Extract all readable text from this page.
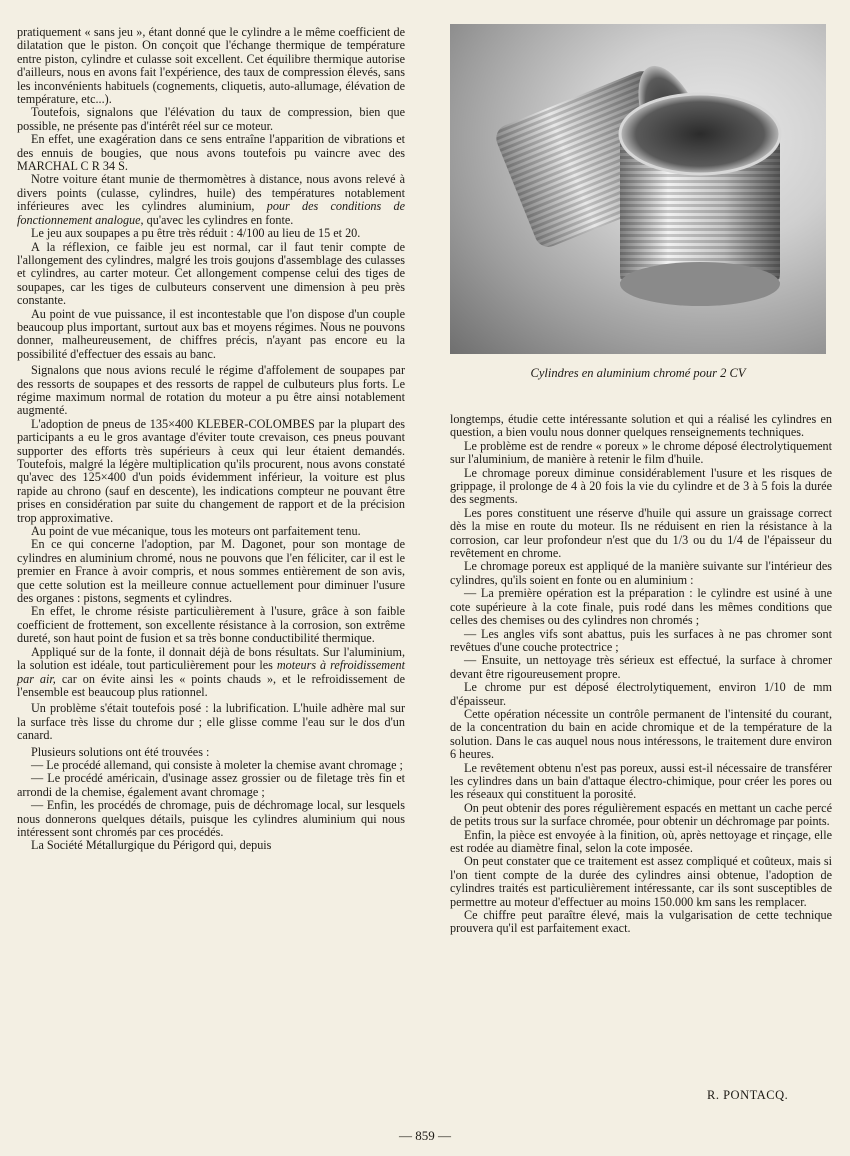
pratiquement « sans jeu », étant donné que le cylindre a le même coefficient de dilatation que le piston. On conçoit que l'échange thermique de température entre piston, cylindre et culasse soit excellent. Cet équilibre thermique autorise d'ailleurs, nous en avons fait l'expérience, des taux de compression élevés, sans les inconvénients habituels (cognements, cliquetis, auto-allumage, élévation de température, etc...).

Toutefois, signalons que l'élévation du taux de compression, bien que possible, ne présente pas d'intérêt réel sur ce moteur.

En effet, une exagération dans ce sens entraîne l'apparition de vibrations et des ennuis de bougies, que nous avons toutefois pu vaincre avec des MARCHAL C R 34 S.

Notre voiture étant munie de thermomètres à distance, nous avons relevé à divers points (culasse, cylindres, huile) des températures notablement inférieures avec les cylindres aluminium, pour des conditions de fonctionnement analogue, qu'avec les cylindres en fonte.

Le jeu aux soupapes a pu être très réduit : 4/100 au lieu de 15 et 20.

A la réflexion, ce faible jeu est normal, car il faut tenir compte de l'allongement des cylindres, malgré les trois goujons d'assemblage des culasses et cylindres, au carter moteur. Cet allongement compense celui des tiges de soupapes, car les tiges de culbuteurs conservent une dimension à peu près constante.

Au point de vue puissance, il est incontestable que l'on dispose d'un couple beaucoup plus important, surtout aux bas et moyens régimes. Nous ne pouvons donner, malheureusement, de chiffres précis, n'ayant pas encore eu la possibilité d'effectuer des essais au banc.

Signalons que nous avions reculé le régime d'affolement de soupapes par des ressorts de soupapes et des ressorts de rappel de culbuteurs plus forts. Le régime maximum normal de rotation du moteur a pu être ainsi notablement augmenté.

L'adoption de pneus de 135×400 KLEBER-COLOMBES par la plupart des participants a eu le gros avantage d'éviter toute crevaison, ces pneus pouvant supporter des efforts très supérieurs à ceux qui leur étaient demandés. Toutefois, malgré la légère multiplication qu'ils procurent, nous avons constaté qu'avec des 125×400 d'un poids évidemment inférieur, la voiture est plus rapide au chrono (sauf en descente), les indications compteur ne pouvant être prises en considération par suite du changement de rapport et de la précision trop approximative.

Au point de vue mécanique, tous les moteurs ont parfaitement tenu.

En ce qui concerne l'adoption, par M. Dagonet, pour son montage de cylindres en aluminium chromé, nous ne pouvons que l'en féliciter, car il est le premier en France à avoir compris, et nous sommes entièrement de son avis, que cette solution est la meilleure connue actuellement pour diminuer l'usure des organes : pistons, segments et cylindres.

En effet, le chrome résiste particulièrement à l'usure, grâce à son faible coefficient de frottement, son excellente résistance à la corrosion, son extrême dureté, son haut point de fusion et sa très bonne conductibilité thermique.

Appliqué sur de la fonte, il donnait déjà de bons résultats. Sur l'aluminium, la solution est idéale, tout particulièrement pour les moteurs à refroidissement par air, car on évite ainsi les « points chauds », et le refroidissement de l'ensemble est beaucoup plus rationnel.

Un problème s'était toutefois posé : la lubrification. L'huile adhère mal sur la surface très lisse du chrome dur ; elle glisse comme l'eau sur le dos d'un canard.

Plusieurs solutions ont été trouvées :

— Le procédé allemand, qui consiste à moleter la chemise avant chromage ;

— Le procédé américain, d'usinage assez grossier ou de filetage très fin et arrondi de la chemise, également avant chromage ;

— Enfin, les procédés de chromage, puis de déchromage local, sur lesquels nous donnerons quelques détails, puisque les cylindres aluminium qui nous intéressent sont chromés par ces procédés.

La Société Métallurgique du Périgord qui, depuis

Cylindres en aluminium chromé pour 2 CV

longtemps, étudie cette intéressante solution et qui a réalisé les cylindres en question, a bien voulu nous donner quelques renseignements techniques.

Le problème est de rendre « poreux » le chrome déposé électrolytiquement sur l'aluminium, de manière à retenir le film d'huile.

Le chromage poreux diminue considérablement l'usure et les risques de grippage, il prolonge de 4 à 20 fois la vie du cylindre et de 3 à 5 fois la durée des segments.

Les pores constituent une réserve d'huile qui assure un graissage correct dès la mise en route du moteur. Ils ne réduisent en rien la résistance à la corrosion, car leur profondeur n'est que du 1/3 ou du 1/4 de l'épaisseur du revêtement en chrome.

Le chromage poreux est appliqué de la manière suivante sur l'intérieur des cylindres, qu'ils soient en fonte ou en aluminium :

— La première opération est la préparation : le cylindre est usiné à une cote supérieure à la cote finale, puis rodé dans les mêmes conditions que celles des chemises ou des cylindres non chromés ;

— Les angles vifs sont abattus, puis les surfaces à ne pas chromer sont revêtues d'une couche protectrice ;

— Ensuite, un nettoyage très sérieux est effectué, la surface à chromer devant être rigoureusement propre.

Le chrome pur est déposé électrolytiquement, environ 1/10 de mm d'épaisseur.

Cette opération nécessite un contrôle permanent de l'intensité du courant, de la concentration du bain en acide chromique et de la température de la solution. Dans le cas auquel nous nous intéressons, le traitement dure environ 6 heures.

Le revêtement obtenu n'est pas poreux, aussi est-il nécessaire de transférer les cylindres dans un bain d'attaque électro-chimique, pour créer les pores ou les réseaux qui constituent la porosité.

On peut obtenir des pores régulièrement espacés en mettant un cache percé de petits trous sur la surface chromée, pour obtenir un déchromage par points.

Enfin, la pièce est envoyée à la finition, où, après nettoyage et rinçage, elle est rodée au diamètre final, selon la cote imposée.

On peut constater que ce traitement est assez compliqué et coûteux, mais si l'on tient compte de la durée des cylindres ainsi obtenue, l'adoption de cylindres traités est particulièrement intéressante, car ils sont susceptibles de permettre au moteur d'effectuer au moins 150.000 km sans les remplacer.

Ce chiffre peut paraître élevé, mais la vulgarisation de cette technique prouvera qu'il est parfaitement exact.

R. PONTACQ.
— 859 —
